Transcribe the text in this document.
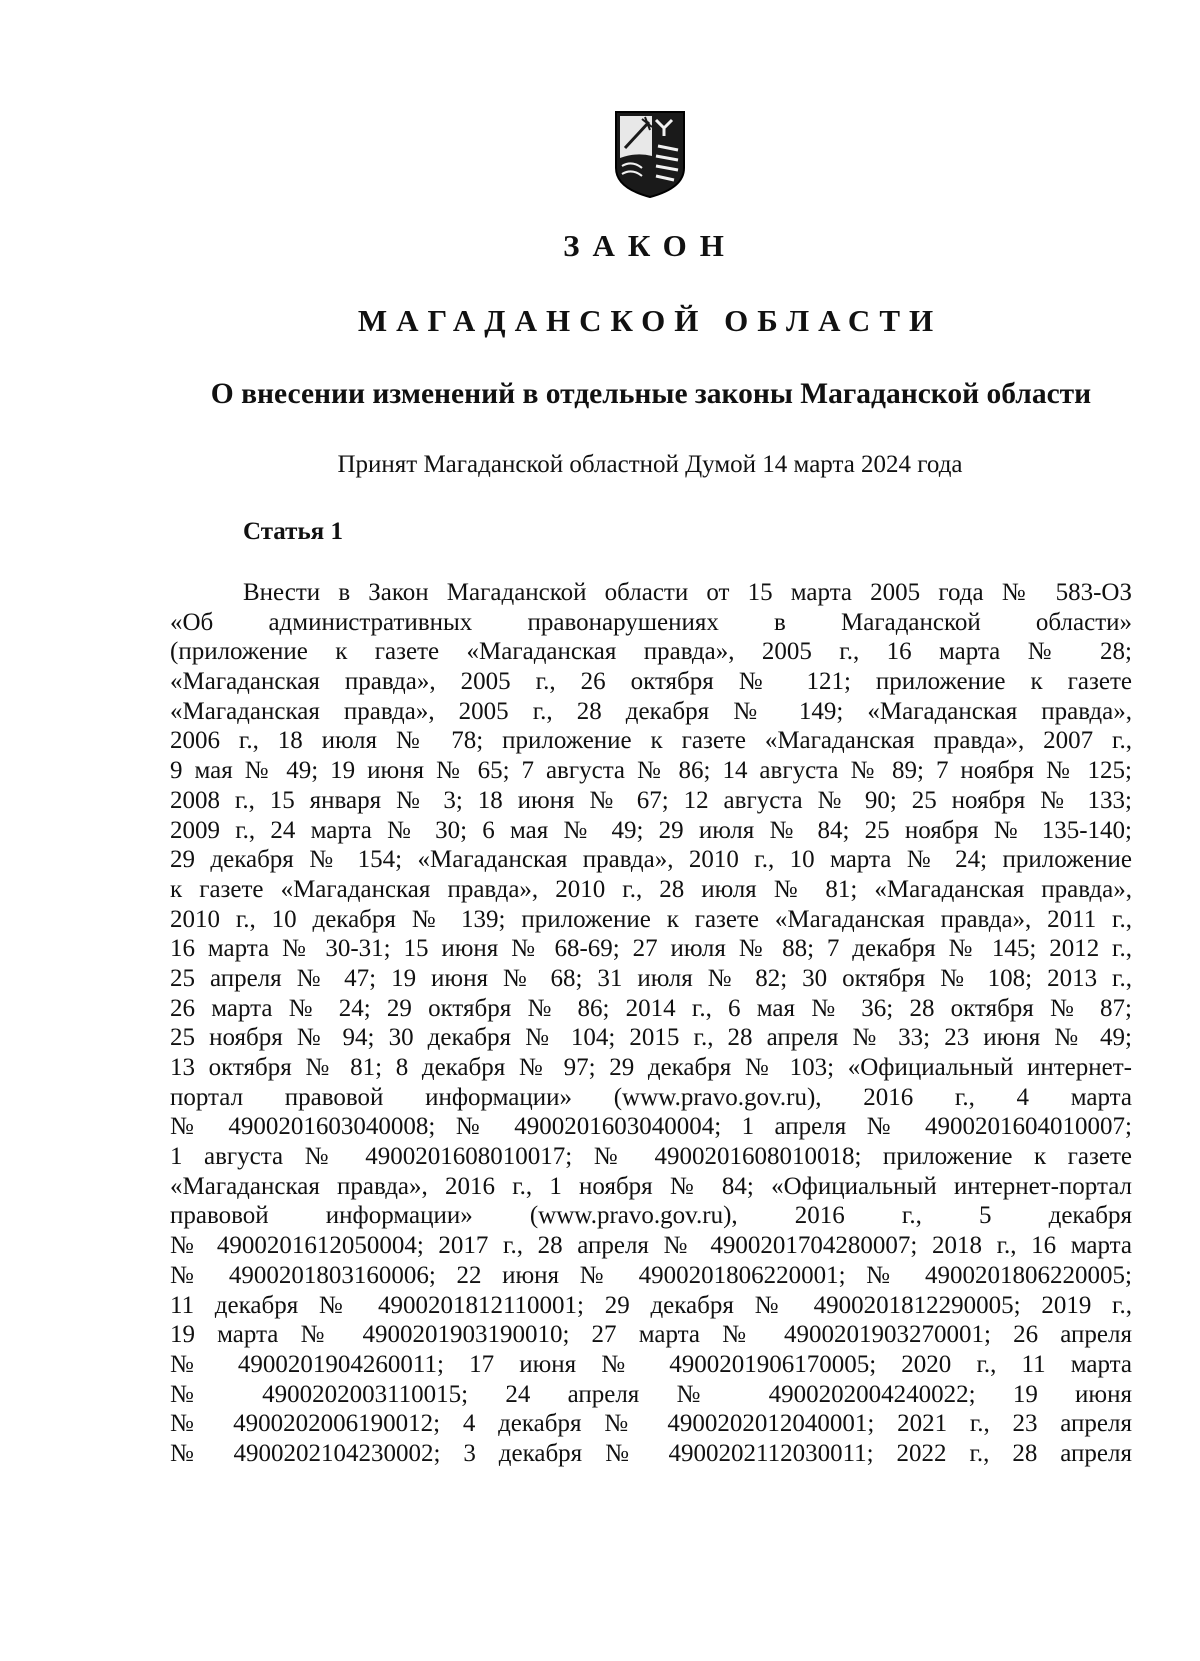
ЗАКОН
МАГАДАНСКОЙ ОБЛАСТИ
О внесении изменений в отдельные законы Магаданской области

Принят Магаданской областной Думой 14 марта 2024 года

Статья 1

Внести в Закон Магаданской области от 15 марта 2005 года № 583-ОЗ
«Об административных правонарушениях в Магаданской области»
(приложение к газете «Магаданская правда», 2005 г., 16 марта № 28;
«Магаданская правда», 2005 г., 26 октября № 121; приложение к газете
«Магаданская правда», 2005 г., 28 декабря № 149; «Магаданская правда»,
2006 г., 18 июля № 78; приложение к газете «Магаданская правда», 2007 г.,
9 мая № 49; 19 июня № 65; 7 августа № 86; 14 августа № 89; 7 ноября № 125;
2008 г., 15 января № 3; 18 июня № 67; 12 августа № 90; 25 ноября № 133;
2009 г., 24 марта № 30; 6 мая № 49; 29 июля № 84; 25 ноября № 135-140;
29 декабря № 154; «Магаданская правда», 2010 г., 10 марта № 24; приложение
к газете «Магаданская правда», 2010 г., 28 июля № 81; «Магаданская правда»,
2010 г., 10 декабря № 139; приложение к газете «Магаданская правда», 2011 г.,
16 марта № 30-31; 15 июня № 68-69; 27 июля № 88; 7 декабря № 145; 2012 г.,
25 апреля № 47; 19 июня № 68; 31 июля № 82; 30 октября № 108; 2013 г.,
26 марта № 24; 29 октября № 86; 2014 г., 6 мая № 36; 28 октября № 87;
25 ноября № 94; 30 декабря № 104; 2015 г., 28 апреля № 33; 23 июня № 49;
13 октября № 81; 8 декабря № 97; 29 декабря № 103; «Официальный интернет-
портал правовой информации» (www.pravo.gov.ru), 2016 г., 4 марта
№ 4900201603040008; № 4900201603040004; 1 апреля № 4900201604010007;
1 августа № 4900201608010017; № 4900201608010018; приложение к газете
«Магаданская правда», 2016 г., 1 ноября № 84; «Официальный интернет-портал
правовой информации» (www.pravo.gov.ru), 2016 г., 5 декабря
№ 4900201612050004; 2017 г., 28 апреля № 4900201704280007; 2018 г., 16 марта
№ 4900201803160006; 22 июня № 4900201806220001; № 4900201806220005;
11 декабря № 4900201812110001; 29 декабря № 4900201812290005; 2019 г.,
19 марта № 4900201903190010; 27 марта № 4900201903270001; 26 апреля
№ 4900201904260011; 17 июня № 4900201906170005; 2020 г., 11 марта
№ 4900202003110015; 24 апреля № 4900202004240022; 19 июня
№ 4900202006190012; 4 декабря № 4900202012040001; 2021 г., 23 апреля
№ 4900202104230002; 3 декабря № 4900202112030011; 2022 г., 28 апреля
